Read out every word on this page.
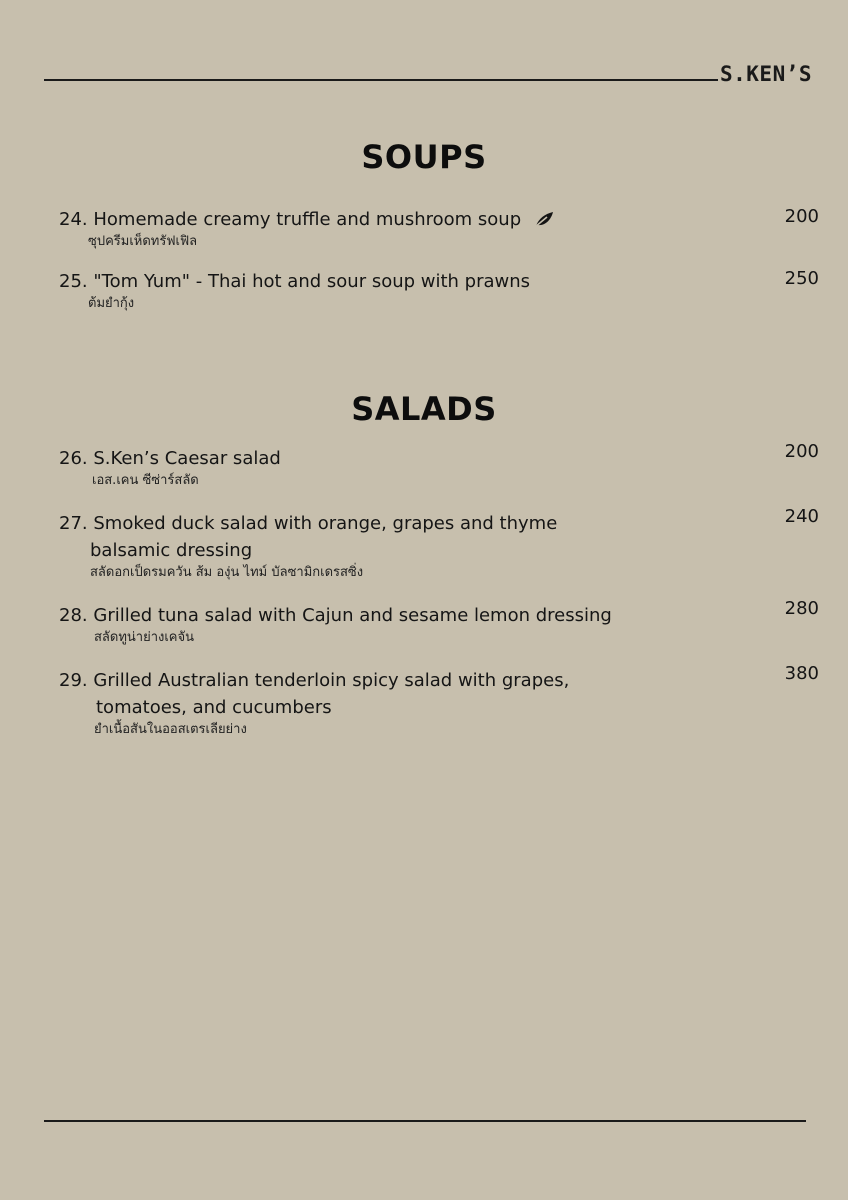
S.KEN’S
SOUPS
24. Homemade creamy truffle and mushroom soup
ซุปครีมเห็ดทรัฟเฟิล
200
25. "Tom Yum" - Thai hot and sour soup with prawns
ต้มยำกุ้ง
250
SALADS
26. S.Ken’s Caesar salad
เอส.เคน ซีซ่าร์สลัด
200
27. Smoked duck salad with orange, grapes and thyme
balsamic dressing
สลัดอกเป็ดรมควัน ส้ม องุ่น ไทม์ บัลซามิกเดรสซิ่ง
240
28. Grilled tuna salad with Cajun and sesame lemon dressing
สลัดทูน่าย่างเคจัน
280
29. Grilled Australian tenderloin spicy salad with grapes,
tomatoes, and cucumbers
ยำเนื้อสันในออสเตรเลียย่าง
380
